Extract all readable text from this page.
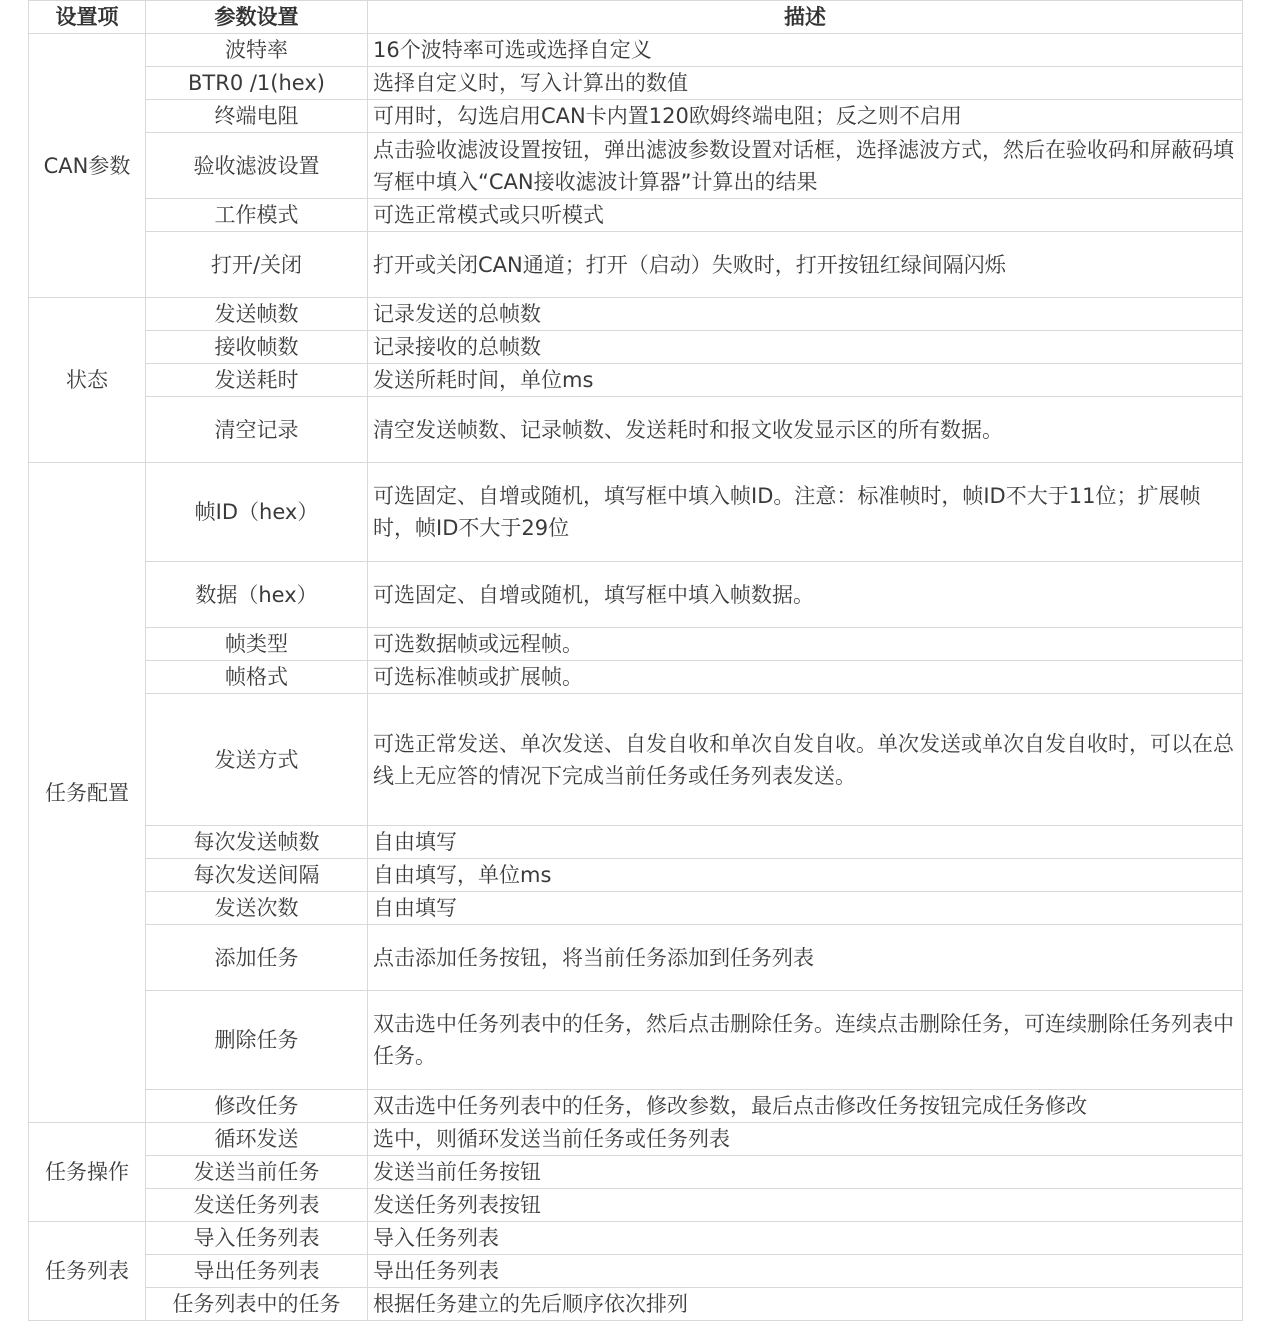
设置项	参数设置	描述
CAN参数	波特率	16个波特率可选或选择自定义
	BTR0 /1(hex)	选择自定义时，写入计算出的数值
	终端电阻	可用时，勾选启用CAN卡内置120欧姆终端电阻；反之则不启用
	验收滤波设置	点击验收滤波设置按钮，弹出滤波参数设置对话框，选择滤波方式，然后在验收码和屏蔽码填写框中填入“CAN接收滤波计算器”计算出的结果
	工作模式	可选正常模式或只听模式
	打开/关闭	打开或关闭CAN通道；打开（启动）失败时，打开按钮红绿间隔闪烁
状态	发送帧数	记录发送的总帧数
	接收帧数	记录接收的总帧数
	发送耗时	发送所耗时间，单位ms
	清空记录	清空发送帧数、记录帧数、发送耗时和报文收发显示区的所有数据。
任务配置	帧ID（hex）	可选固定、自增或随机，填写框中填入帧ID。注意：标准帧时，帧ID不大于11位；扩展帧时，帧ID不大于29位
	数据（hex）	可选固定、自增或随机，填写框中填入帧数据。
	帧类型	可选数据帧或远程帧。
	帧格式	可选标准帧或扩展帧。
	发送方式	可选正常发送、单次发送、自发自收和单次自发自收。单次发送或单次自发自收时，可以在总线上无应答的情况下完成当前任务或任务列表发送。
	每次发送帧数	自由填写
	每次发送间隔	自由填写，单位ms
	发送次数	自由填写
	添加任务	点击添加任务按钮，将当前任务添加到任务列表
	删除任务	双击选中任务列表中的任务，然后点击删除任务。连续点击删除任务，可连续删除任务列表中任务。
	修改任务	双击选中任务列表中的任务，修改参数，最后点击修改任务按钮完成任务修改
任务操作	循环发送	选中，则循环发送当前任务或任务列表
	发送当前任务	发送当前任务按钮
	发送任务列表	发送任务列表按钮
任务列表	导入任务列表	导入任务列表
	导出任务列表	导出任务列表
	任务列表中的任务	根据任务建立的先后顺序依次排列
